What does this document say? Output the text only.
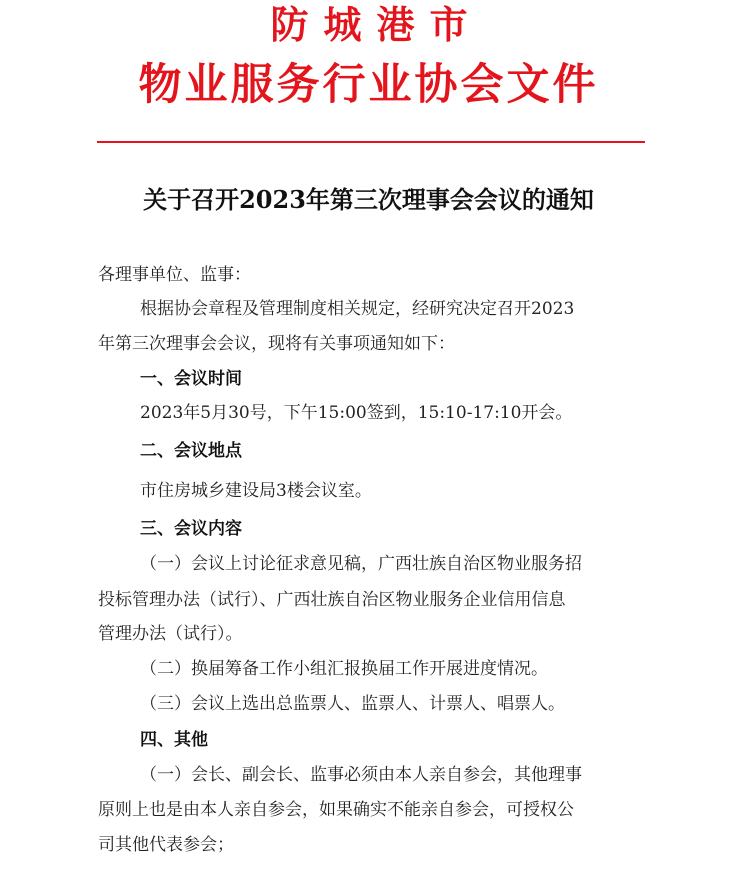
防城港市
物业服务行业协会文件
关于召开2023年第三次理事会会议的通知
各理事单位、监事：
根据协会章程及管理制度相关规定，经研究决定召开2023
年第三次理事会会议，现将有关事项通知如下：
一、会议时间
2023年5月30号，下午15:00签到，15:10-17:10开会。
二、会议地点
市住房城乡建设局3楼会议室。
三、会议内容
（一）会议上讨论征求意见稿，广西壮族自治区物业服务招
投标管理办法（试行）、广西壮族自治区物业服务企业信用信息
管理办法（试行）。
（二）换届筹备工作小组汇报换届工作开展进度情况。
（三）会议上选出总监票人、监票人、计票人、唱票人。
四、其他
（一）会长、副会长、监事必须由本人亲自参会，其他理事
原则上也是由本人亲自参会，如果确实不能亲自参会，可授权公
司其他代表参会；
